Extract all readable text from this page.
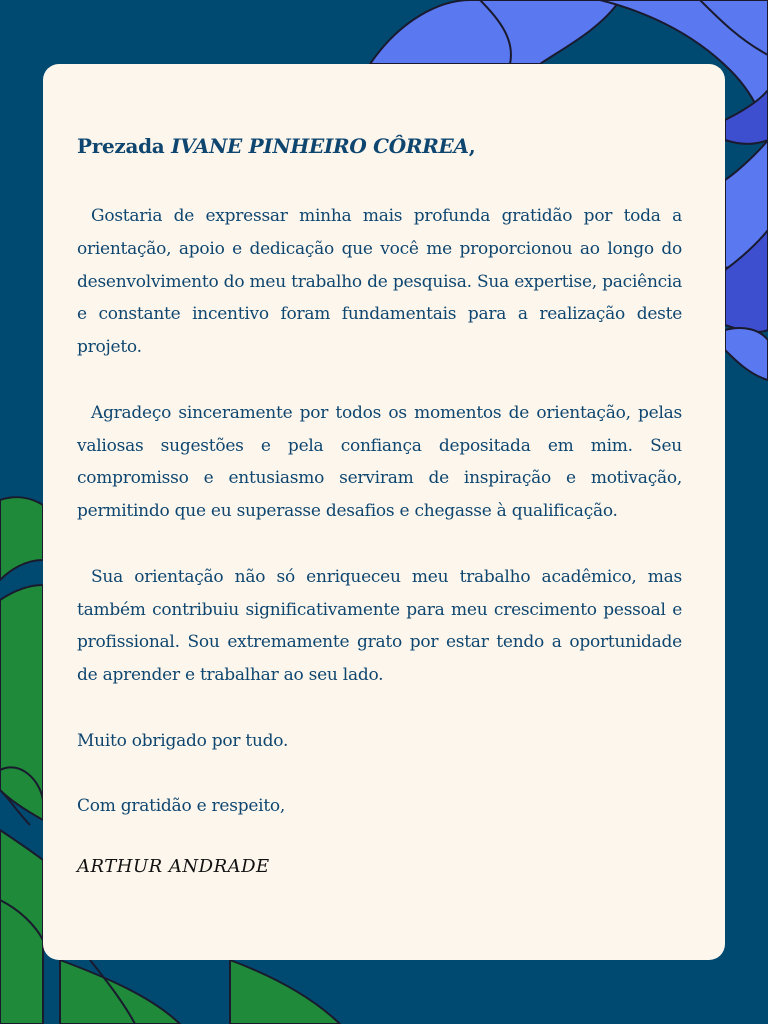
Prezada IVANE PINHEIRO CÔRREA,

Gostaria de expressar minha mais profunda gratidão por toda a orientação, apoio e dedicação que você me proporcionou ao longo do desenvolvimento do meu trabalho de pesquisa. Sua expertise, paciência e constante incentivo foram fundamentais para a realização deste projeto.

Agradeço sinceramente por todos os momentos de orientação, pelas valiosas sugestões e pela confiança depositada em mim. Seu compromisso e entusiasmo serviram de inspiração e motivação, permitindo que eu superasse desafios e chegasse à qualificação.

Sua orientação não só enriqueceu meu trabalho acadêmico, mas também contribuiu significativamente para meu crescimento pessoal e profissional. Sou extremamente grato por estar tendo a oportunidade de aprender e trabalhar ao seu lado.

Muito obrigado por tudo.
Com gratidão e respeito,
ARTHUR ANDRADE
